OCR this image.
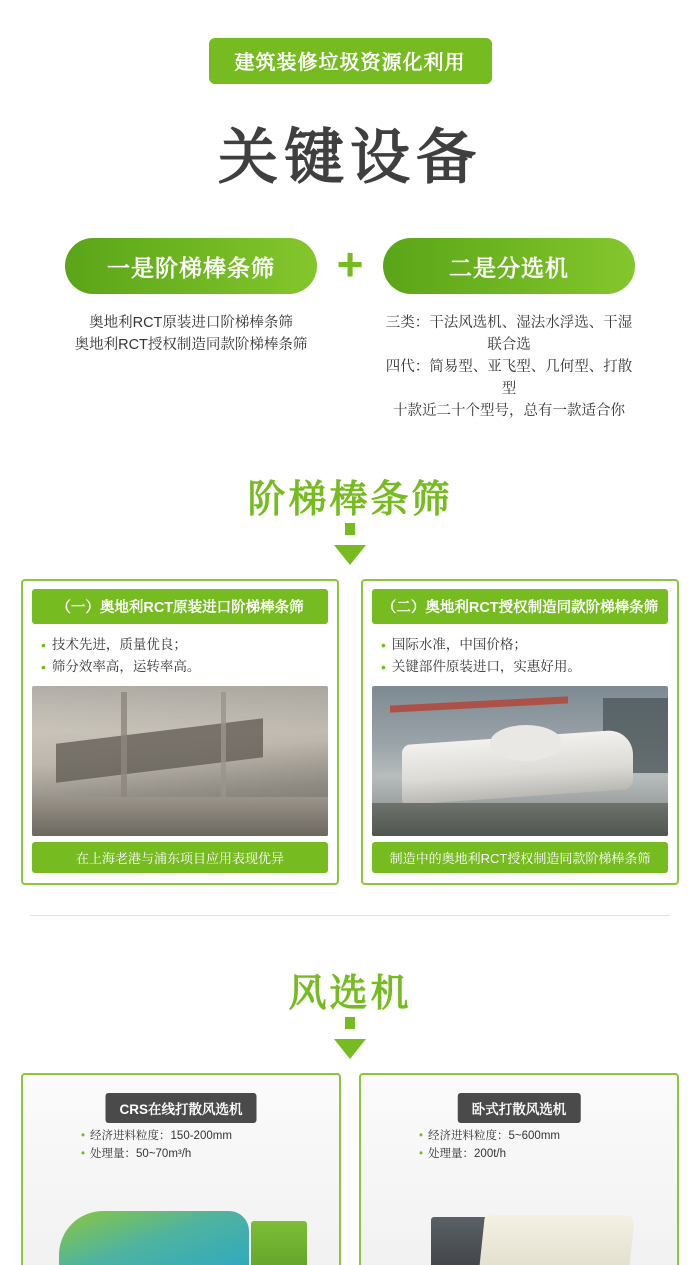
建筑装修垃圾资源化利用
关键设备
一是阶梯棒条筛	+	二是分选机
奥地利RCT原装进口阶梯棒条筛
奥地利RCT授权制造同款阶梯棒条筛
三类：干法风选机、湿法水浮选、干湿联合选
四代：简易型、亚飞型、几何型、打散型
十款近二十个型号，总有一款适合你
阶梯棒条筛
（一）奥地利RCT原装进口阶梯棒条筛
• 技术先进，质量优良；
• 筛分效率高，运转率高。
在上海老港与浦东项目应用表现优异
（二）奥地利RCT授权制造同款阶梯棒条筛
• 国际水准，中国价格；
• 关键部件原装进口，实惠好用。
制造中的奥地利RCT授权制造同款阶梯棒条筛
风选机
CRS在线打散风选机
• 经济进料粒度：150-200mm
• 处理量：50~70m³/h
卧式打散风选机
• 经济进料粒度：5~600mm
• 处理量：200t/h
